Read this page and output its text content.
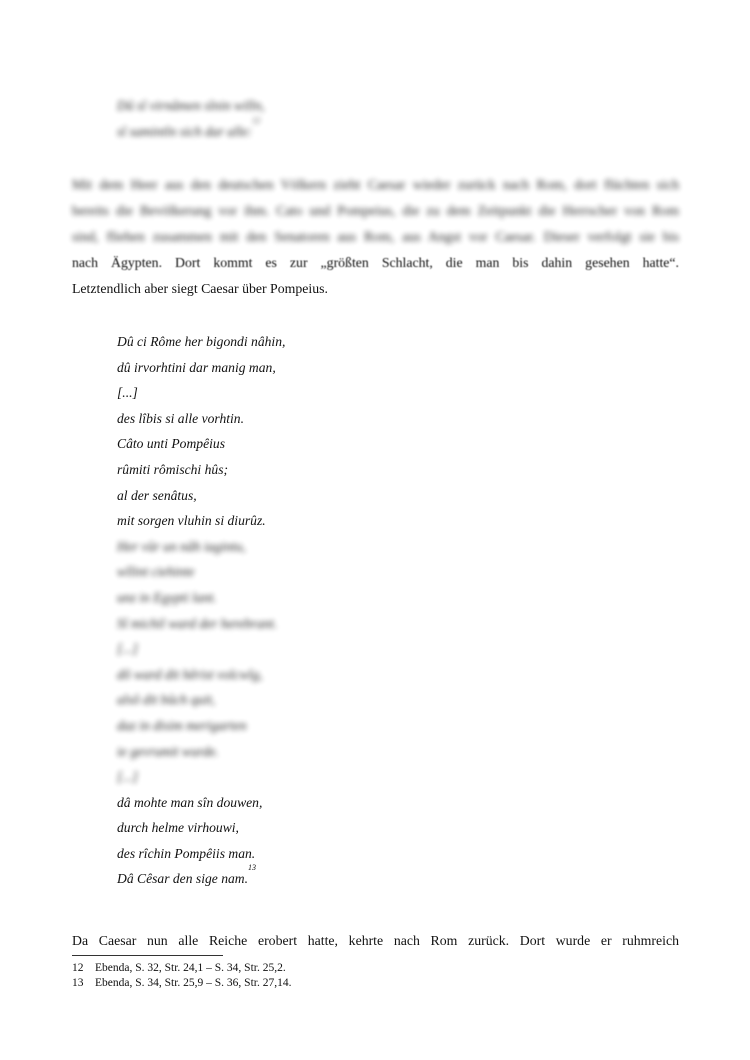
Dû sî virnâmen sînin willn,
sî samintîn sich dar alle:$^{12}$
Mit dem Heer aus den deutschen Völkern zieht Caesar wieder zurück nach Rom, dort flüchten sich
bereits die Bevölkerung vor ihm. Cato und Pompeius, die zu dem Zeitpunkt die Herrscher von Rom
sind, fliehen zusammen mit den Senatoren aus Rom, aus Angst vor Caesar. Dieser verfolgt sie bis
nach Ägypten. Dort kommt es zur „größten Schlacht, die man bis dahin gesehen hatte“.
Letztendlich aber siegt Caesar über Pompeius.
Dû ci Rôme her bigondi nâhin,
dû irvorhtini dar manig man,
[...]
des lîbis si alle vorhtin.
Câto unti Pompêius
rûmiti rômischi hûs;
al der senâtus,
mit sorgen vluhin si diurûz.
Her vûr un nâh iagintu,
wîlint ciehinte
unz in Egypti lant.
Sî michil ward der herebrant.
[...]
dô ward dit hêrist volcwîg,
alsô dit bûch quit,
daz in disim merigarten
ie gevrumit wurde.
[...]
dâ mohte man sîn douwen,
durch helme virhouwi,
des rîchin Pompêiis man.
Dâ Cêsar den sige nam.$^{13}$
Da Caesar nun alle Reiche erobert hatte, kehrte nach Rom zurück. Dort wurde er ruhmreich
12 Ebenda, S. 32, Str. 24,1 – S. 34, Str. 25,2.
13 Ebenda, S. 34, Str. 25,9 – S. 36, Str. 27,14.
